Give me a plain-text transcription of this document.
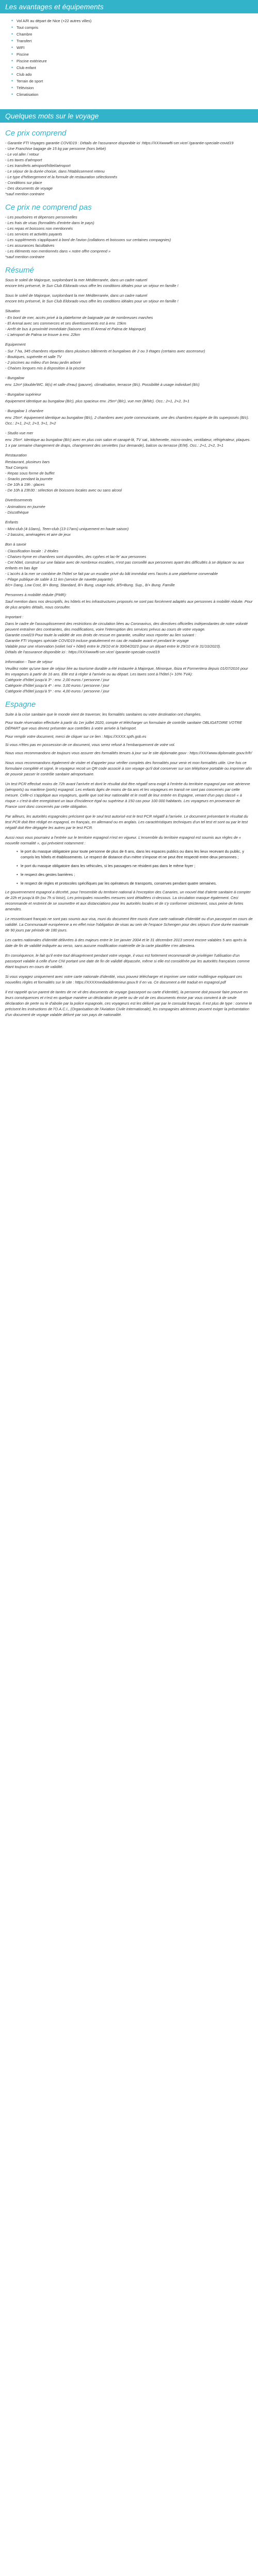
Les avantages et équipements
• Vol A/R au départ de Nice (+22 autres villes)
• Tout compris
• Chambre
• Transfert
• WIFI
• Piscine
• Piscine extérieure
• Club enfant
• Club ado
• Terrain de sport
• Télévision
• Climatisation
Quelques mots sur le voyage
Ce prix comprend

- Garantie FTI Voyages garantie COVID19 : Détails de l'assurance disponible ici :https://XXXwwwfti-ser.vice/ /garantie-speciale-covid19

- Une Franchise bagage de 15 kg par personne (hors bébé)

- Le vol aller / retour

- Les taxes d'aéroport

- Les transferts aéroport/hôtel/aéroport

- Le séjour de la durée choisie, dans l'établissement retenu

- Le type d'hébergement et la formule de restauration sélectionnés

- Conditions sur place

- Des documents de voyage

*sauf mention contraire

Ce prix ne comprend pas

- Les pourboires et dépenses personnelles

- Les frais de visas (formalités d'entrée dans le pays)

- Les repas et boissons non mentionnés

- Les services et activités payants

- Les suppléments s'appliquant à bord de l'avion (collations et boissons sur certaines compagnies)

- Les assurances facultatives

- Les éléments non mentionnés dans « notre offre comprend »

*sauf mention contraire

Résumé

Sous le soleil de Majorque, surplombant la mer Méditerranée, dans un cadre naturel

encore très préservé, le Sun Club Eldorado vous offre les conditions idéales pour un séjour en famille !

Sous le soleil de Majorque, surplombant la mer Méditerranée, dans un cadre naturel

encore très préservé, le Sun Club Eldorado vous offre les conditions idéales pour un séjour en famille !

Situation

- En bord de mer, accès privé à la plateforme de baignade par de nombreuses marches

- El Arenal avec ses commerces et ses divertissements est à env. 15km

- Arrêt de bus à proximité immédiate (liaisons vers El Arenal et Palma de Majorque)

- L'aéroport de Palma se trouve à env. 22km

Equipement

- Sur 7 ha, 345 chambres réparties dans plusieurs bâtiments et bungalows de 2 ou 3 étages (certains avec ascenseur)

- Boutiques, supérette et salle TV

- 2 piscines au milieu d'un beau jardin arboré

- Chaises longues mis à disposition à la piscine

- Bungalow

env. 12m² (double/WC. lit(s) et salle d'eau) (pauvre), climatisation, terrasse (8/c). Possibilité à usage individuel (8/c)

- Bungalow supérieur

équipement identique au bungalow (B/c), plus spacieux env. 25m² (B/c), vue mer (B/Mc). Occ.: 2+1, 2+2, 3+1

- Bungalow 1 chambre

env. 25m². équipement identique au bungalow (B/c), 2 chambres avec porte communicante, une des chambres équipée de lits superposés (B/c). Occ.: 2+1, 2+2, 2+3, 3+1, 3+2

- Studio vue mer

env. 25m². Identique au bungalow (B/c) avec en plus coin salon et canapé-lit, TV sat., kitchenette, micro-ondes, ventilateur, réfrigérateur, plaques. 1 x par semaine changement de draps, changement des serviettes (sur demande), balcon ou terrasse (E/M). Occ.: 2+1, 2+2, 3+1

Restauration

Restaurant, plusieurs bars

Tout Compris

- Repas sous forme de buffet

- Snacks pendant la journée

- De 10h à 19h : glaces

- De 10h à 23h30 : sélection de boissons locales avec ou sans alcool

Divertissements

- Animations en journée

- Discothèque

Enfants

- Mini-club (4-10ans), Teen-club (13-17ans) uniquement en haute saison)

- 2 bassins, aménagées et aire de jeux

Bon à savoir

- Classification locale : 2 étoiles

- Chaises-hyme en chambres sont disponibles, des cyphes et lac-fe' aux personnes

- Cet hôtel, construit sur une falaise avec de nombreux escaliers, n'est pas conseillé aux personnes ayant des difficultés à se déplacer ou aux enfants en bas âge

- L'accès à la mer se combine de l'hôtel se fait par un escalier privé du bât immédiat vers l'accès à une plateforme convenable

- Pilage publique de sable à 11 km (service de navette payante)

8/c= Dang, Low Cost, 8/+ Bong, Standard, 8/+ Bung, usage indiv, 8/5=Bung. Sup., 8/+ Bung. Famille

Personnes à mobilité réduite (PMR):

Sauf mention dans nos descriptifs, les hôtels et les infrastructures proposés ne sont pas forcément adaptés aux personnes à mobilité réduite. Pour de plus amples détails, nous consulter.

Important :

Dans le cadre de l'assouplissement des restrictions de circulation liées au Coronavirus, des directives officielles indépendantes de notre volonté peuvent entraîner des contraintes, des modifications, voire l'interruption des services prévus au cours de votre voyage.

Garantie covid19 Pour toute la validité de vos droits de rescue en garantie, veuillez vous reporter au lien suivant :

Garantie FTI Voyages spéciale COVID19 incluse gratuitement en cas de maladie avant et pendant le voyage

Valable pour une réservation (voliet /vol + hôtel) entre le 29/10 et le 30/04/2023 (pour un départ entre le 29/10 et le 31/10/2023).

Détails de l'assurance disponible ici : https://XXXwwwfti-ser.vice/ /garantie-speciale-covid19

Information - Taxe de séjour

Veuillez noter qu'une taxe de séjour liée au tourisme durable a été instaurée à Majorque, Minorque, Ibiza et Formentera depuis 01/07/2016 pour les voyageurs à partir de 16 ans. Elle est à régler à l'arrivée ou au départ. Les taxes sont à l'hôtel (+ 10% TVA):

Catégorie d'hôtel jusqu'à 3* : env. 2,00 euros / personne / jour

Catégorie d'hôtel jusqu'à 4* : env. 3,00 euros / personne / jour

Catégorie d'hôtel jusqu'à 5* : env. 4,00 euros / personne / jour

Espagne

Suite à la crise sanitaire que le monde vient de traverser, les formalités sanitaires ou votre destination ont changées.

Pour toute réservation effectuée à partir du 1er juillet 2020, compte et télécharger un formulaire de contrôle sanitaire OBLIGATOIRE VOTRE DÉPART que vous devrez présenter aux contrôles à votre arrivée à l'aéroport.

Pour remplir votre document, merci de cliquer sur ce lien : https://XXXX.spth.gob.es

Si vous n'êtes pas en possession de ce document, vous serez refusé à l'embarquement de votre vol.

Nous vous recommandons de toujours vous assurer des formalités tenues à jour sur le site diplomatie.gouv : https://XXXwww.diplomatie.gouv.fr/fr/

Nous vous recommandons également de visiter et d'appeler pour vérifier complets des formalités pour venir et mon formalités utile. Une fois ce formulaire complété et signé, le voyageur recoit un QR code associé à son voyage qu'il doit conserver sur son téléphone portable ou imprimer afin de pouvoir passer le contrôle sanitaire aéroportuaire.

Un test PCR effectué moins de 72h avant l'arrivée et dont le résultat doit être négatif sera exigé à l'entrée du territoire espagnol par voie aérienne (aéroports) ou maritime (ports) espagnol. Les enfants âgés de moins de 6a ans et les voyageurs en transit ne sont pas concernés par cette mesure. Celle-ci s'applique aux voyageurs, quelle que soit leur nationalité et le motif de leur entrée en Espagne, venant d'un pays classé « à risque » c'est-à-dire enregistrant un taux d'incidence égal ou supérieur à 150 cas pour 100 000 habitants. Les voyageurs en provenance de France sont donc concernés par cette obligation.

Par ailleurs, les autorités espagnoles précisent que le seul test autorisé est le test PCR négatif à l'arrivée. Le document présentant le résultat du test PCR doit être rédigé en espagnol, en français, en allemand ou en anglais. Les caractéristiques techniques d'un tel test et sont ou par le test négatif doit être dégagée les autres par le test PCR.

Aussi nous vous pourraiez a l'entrée sur le territoire espagnol n'est en vigueur. L'ensemble du territoire espagnol est soumis aux règles de « nouvelle normalité », qui prévoient notamment :

• le port du masque obligatoire pour toute personne de plus de 6 ans, dans les espaces publics ou dans les lieux recevant du public, y compris les hôtels et établissements. Le respect de distance d'un mètre s'impose et ne peut être respecté entre deux personnes ;
• le port du masque obligatoire dans les véhicules, si les passagers ne résident pas dans le même foyer ;
• le respect des gestes barrières ;
• le respect de règles et protocoles spécifiques par les opérateurs de transports, conserves pendant quatre semaines.

Le gouvernement espagnol a décrété, pour l'ensemble du territoire national à l'exception des Canaries, un nouvel état d'alerte sanitaire à compter de 22h et jusqu'à 6h (ou 7h si loisir), Les principales nouvelles mesures sont détaillées ci-dessous. La circulation masque également. Ceci recommande et restreint de se soumettre et aux distanciations pour les autorités locales et de s'y conformer strictement, sous peine de fortes amendes.

Le ressortissant français ne sont pas soumis aux visa, muni du document être munis d'une carte nationale d'identité ou d'un passeport en cours de validité. La Communauté européenne a en effet mise l'obligation de visas au sein de l'espace Schengen pour des séjours d'une durée maximale de 90 jours par période de 180 jours.

Les cartes nationales d'identité délivrées à des majeurs entre le 1er janvier 2004 et le 31 décembre 2013 seront encore valables 5 ans après la date de fin de validité indiquée au verso, sans aucune modification matérielle de la carte plastifiée n'en attestera.

En conséquence, le fait qu'il entre tout désagrément pendant votre voyage, il vous est fortement recommandé de privilégier l'utilisation d'un passeport valable à celle d'une CNI portant une date de fin de validité dépassée, même si elle est considérée par les autorités françaises comme étant toujours en cours de validité.

Si vous voyagez uniquement avec votre carte nationale d'identité, vous pouvez télécharger et imprimer une notice multilingue expliquant ces nouvelles règles et formalités sur le site : https://XXXXmediadidinterieur.gouv.fr Il en va. Ce document a été traduit en espagnol.pdf

Il est rappelé qu'un parent de tantes de ne vit des documents de voyage (passeport ou carte d'identité), la personne doit pouvoir faire preuve en leurs conséquences et n'est en quelque manière un déclaration de perte ou de vol de ces documents émise par vous convient à de seule déclaration de perte ou le d'abolie par la police espagnole, ces voyageurs est les délivré par par le consulat français. Il est plus de type : comme le précisent les instructions de l'O.A.C.I., (Organisation de l'Aviation Civile Internationale), les compagnies aériennes peuvent exiger la présentation d'un document de voyage valable délivré par son pays de nationalité.
